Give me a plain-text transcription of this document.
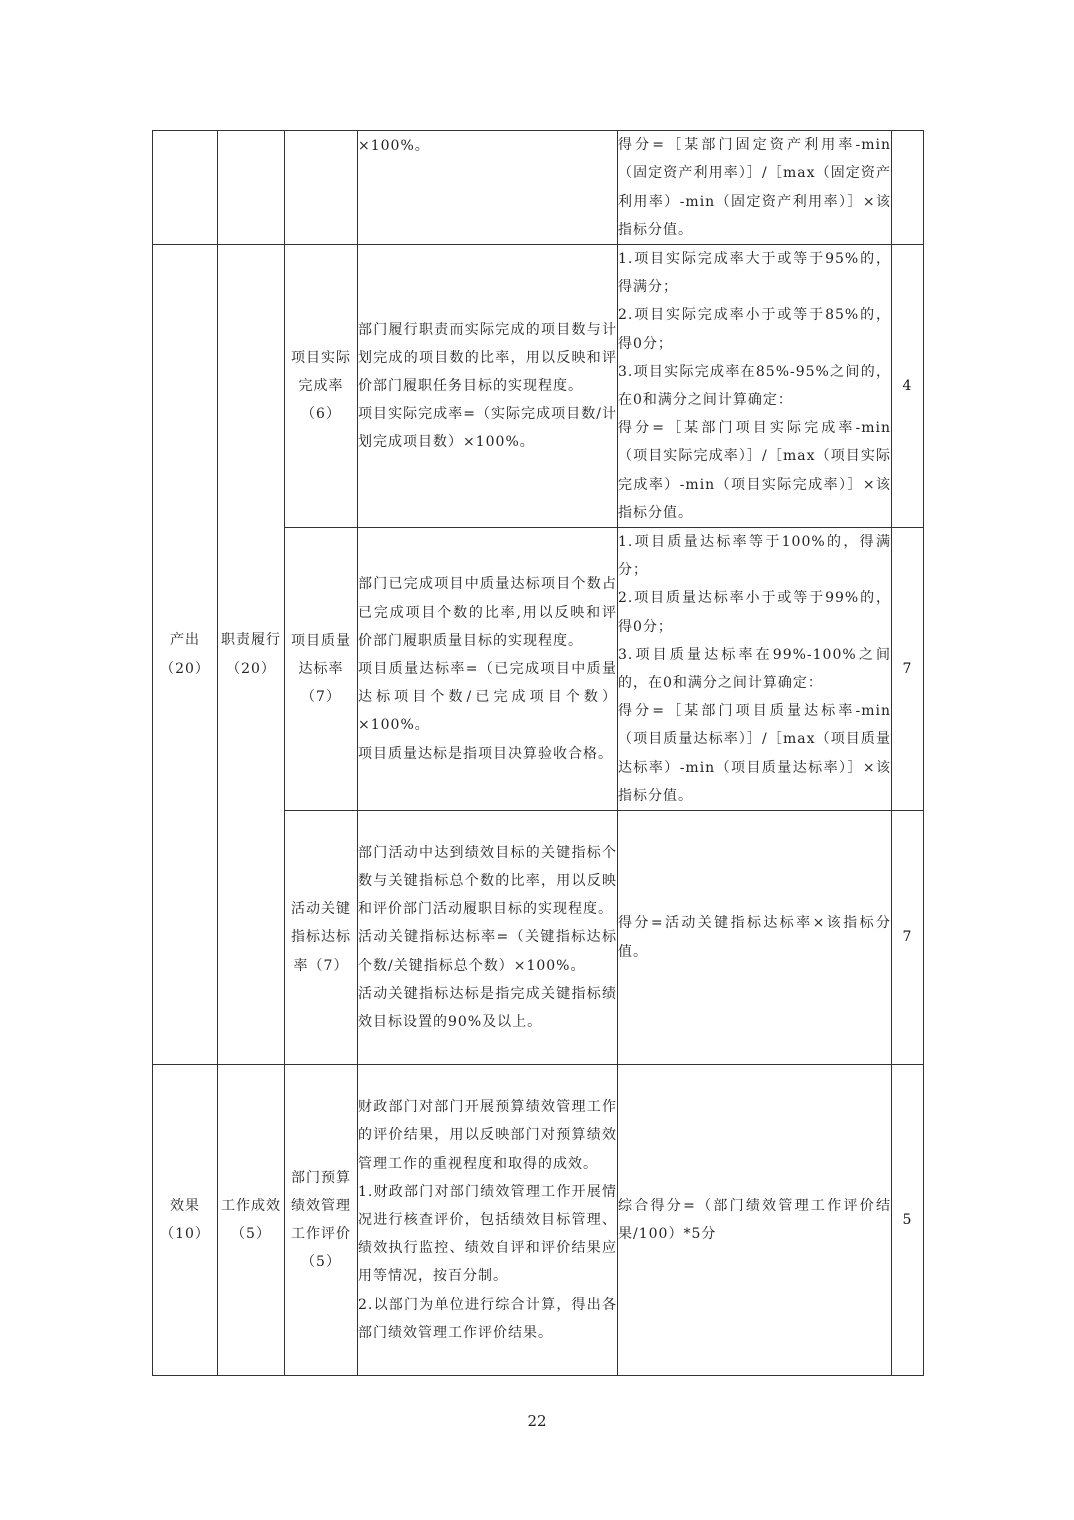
			×100%。	得分=［某部门固定资产利用率-min（固定资产利用率）］/［max（固定资产利用率）-min（固定资产利用率）］×该指标分值。	

产出（20）	职责履行（20）	项目实际完成率（6）	部门履行职责而实际完成的项目数与计划完成的项目数的比率，用以反映和评价部门履职任务目标的实现程度。
项目实际完成率=（实际完成项目数/计划完成项目数）×100%。	1.项目实际完成率大于或等于95%的，得满分；
2.项目实际完成率小于或等于85%的，得0分；
3.项目实际完成率在85%-95%之间的，在0和满分之间计算确定：
得分=［某部门项目实际完成率-min（项目实际完成率）］/［max（项目实际完成率）-min（项目实际完成率）］×该指标分值。	4
		项目质量达标率（7）	部门已完成项目中质量达标项目个数占已完成项目个数的比率,用以反映和评价部门履职质量目标的实现程度。
项目质量达标率=（已完成项目中质量达标项目个数/已完成项目个数）×100%。
项目质量达标是指项目决算验收合格。	1.项目质量达标率等于100%的，得满分；
2.项目质量达标率小于或等于99%的，得0分；
3.项目质量达标率在99%-100%之间的，在0和满分之间计算确定：
得分=［某部门项目质量达标率-min（项目质量达标率）］/［max（项目质量达标率）-min（项目质量达标率）］×该指标分值。	7
		活动关键指标达标率（7）	部门活动中达到绩效目标的关键指标个数与关键指标总个数的比率，用以反映和评价部门活动履职目标的实现程度。
活动关键指标达标率=（关键指标达标个数/关键指标总个数）×100%。
活动关键指标达标是指完成关键指标绩效目标设置的90%及以上。	得分=活动关键指标达标率×该指标分值。	7
效果（10）	工作成效（5）	部门预算绩效管理工作评价（5）	财政部门对部门开展预算绩效管理工作的评价结果，用以反映部门对预算绩效管理工作的重视程度和取得的成效。
1.财政部门对部门绩效管理工作开展情况进行核查评价，包括绩效目标管理、绩效执行监控、绩效自评和评价结果应用等情况，按百分制。
2.以部门为单位进行综合计算，得出各部门绩效管理工作评价结果。	综合得分=（部门绩效管理工作评价结果/100）*5分	5
22
